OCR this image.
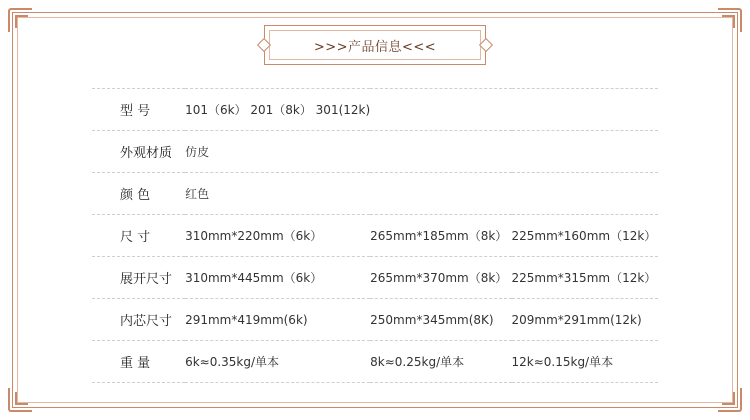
>>>产品信息<<<
型 号	101（6k） 201（8k） 301(12k)		
外观材质	仿皮		
颜 色	红色		
尺 寸	310mm*220mm（6k）	265mm*185mm（8k）	225mm*160mm（12k）
展开尺寸	310mm*445mm（6k）	265mm*370mm（8k）	225mm*315mm（12k）
内芯尺寸	291mm*419mm(6k)	250mm*345mm(8K)	209mm*291mm(12k)
重 量	6k≈0.35kg/单本	8k≈0.25kg/单本	12k≈0.15kg/单本
